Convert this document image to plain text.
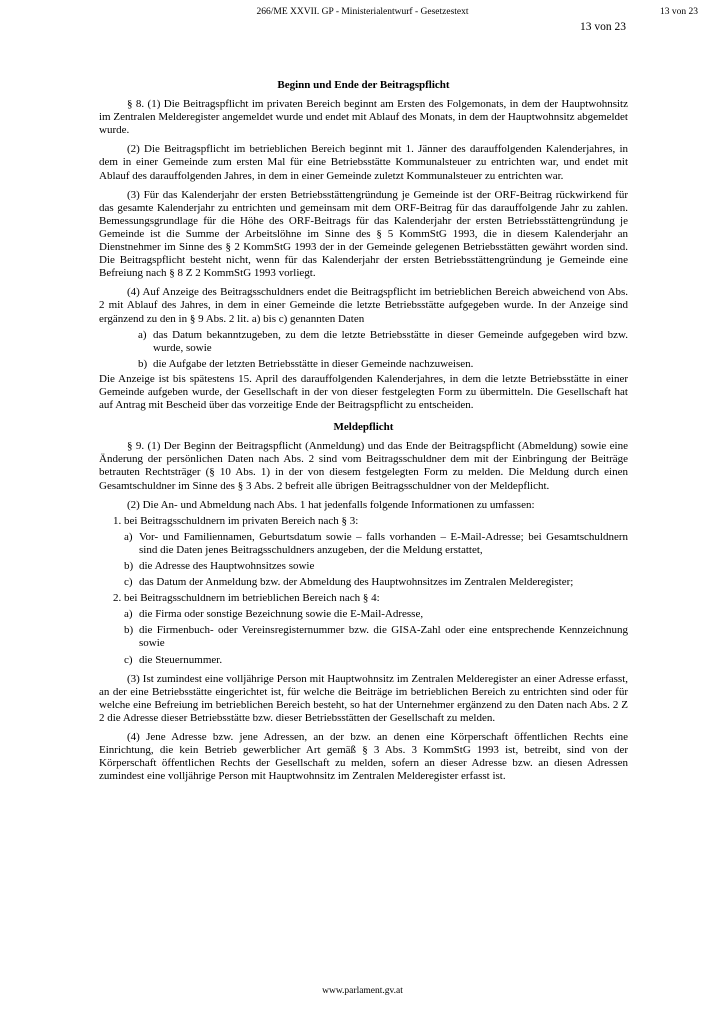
266/ME XXVII. GP - Ministerialentwurf - Gesetzestext	13 von 23
13 von 23
Beginn und Ende der Beitragspflicht

§ 8. (1) Die Beitragspflicht im privaten Bereich beginnt am Ersten des Folgemonats, in dem der Hauptwohnsitz im Zentralen Melderegister angemeldet wurde und endet mit Ablauf des Monats, in dem der Hauptwohnsitz abgemeldet wurde.

(2) Die Beitragspflicht im betrieblichen Bereich beginnt mit 1. Jänner des darauffolgenden Kalenderjahres, in dem in einer Gemeinde zum ersten Mal für eine Betriebsstätte Kommunalsteuer zu entrichten war, und endet mit Ablauf des darauffolgenden Jahres, in dem in einer Gemeinde zuletzt Kommunalsteuer zu entrichten war.

(3) Für das Kalenderjahr der ersten Betriebsstättengründung je Gemeinde ist der ORF-Beitrag rückwirkend für das gesamte Kalenderjahr zu entrichten und gemeinsam mit dem ORF-Beitrag für das darauffolgende Jahr zu zahlen. Bemessungsgrundlage für die Höhe des ORF-Beitrags für das Kalenderjahr der ersten Betriebsstättengründung je Gemeinde ist die Summe der Arbeitslöhne im Sinne des § 5 KommStG 1993, die in diesem Kalenderjahr an Dienstnehmer im Sinne des § 2 KommStG 1993 der in der Gemeinde gelegenen Betriebsstätten gewährt worden sind. Die Beitragspflicht besteht nicht, wenn für das Kalenderjahr der ersten Betriebsstättengründung je Gemeinde eine Befreiung nach § 8 Z 2 KommStG 1993 vorliegt.

(4) Auf Anzeige des Beitragsschuldners endet die Beitragspflicht im betrieblichen Bereich abweichend von Abs. 2 mit Ablauf des Jahres, in dem in einer Gemeinde die letzte Betriebsstätte aufgegeben wurde. In der Anzeige sind ergänzend zu den in § 9 Abs. 2 lit. a) bis c) genannten Daten

a) das Datum bekanntzugeben, zu dem die letzte Betriebsstätte in dieser Gemeinde aufgegeben wird bzw. wurde, sowie
b) die Aufgabe der letzten Betriebsstätte in dieser Gemeinde nachzuweisen.

Die Anzeige ist bis spätestens 15. April des darauffolgenden Kalenderjahres, in dem die letzte Betriebsstätte in einer Gemeinde aufgeben wurde, der Gesellschaft in der von dieser festgelegten Form zu übermitteln. Die Gesellschaft hat auf Antrag mit Bescheid über das vorzeitige Ende der Beitragspflicht zu entscheiden.

Meldepflicht

§ 9. (1) Der Beginn der Beitragspflicht (Anmeldung) und das Ende der Beitragspflicht (Abmeldung) sowie eine Änderung der persönlichen Daten nach Abs. 2 sind vom Beitragsschuldner dem mit der Einbringung der Beiträge betrauten Rechtsträger (§ 10 Abs. 1) in der von diesem festgelegten Form zu melden. Die Meldung durch einen Gesamtschuldner im Sinne des § 3 Abs. 2 befreit alle übrigen Beitragsschuldner von der Meldepflicht.

(2) Die An- und Abmeldung nach Abs. 1 hat jedenfalls folgende Informationen zu umfassen:

1. bei Beitragsschuldnern im privaten Bereich nach § 3:
a) Vor- und Familiennamen, Geburtsdatum sowie – falls vorhanden – E-Mail-Adresse; bei Gesamtschuldnern sind die Daten jenes Beitragsschuldners anzugeben, der die Meldung erstattet,
b) die Adresse des Hauptwohnsitzes sowie
c) das Datum der Anmeldung bzw. der Abmeldung des Hauptwohnsitzes im Zentralen Melderegister;
2. bei Beitragsschuldnern im betrieblichen Bereich nach § 4:
a) die Firma oder sonstige Bezeichnung sowie die E-Mail-Adresse,
b) die Firmenbuch- oder Vereinsregisternummer bzw. die GISA-Zahl oder eine entsprechende Kennzeichnung sowie
c) die Steuernummer.

(3) Ist zumindest eine volljährige Person mit Hauptwohnsitz im Zentralen Melderegister an einer Adresse erfasst, an der eine Betriebsstätte eingerichtet ist, für welche die Beiträge im betrieblichen Bereich zu entrichten sind oder für welche eine Befreiung im betrieblichen Bereich besteht, so hat der Unternehmer ergänzend zu den Daten nach Abs. 2 Z 2 die Adresse dieser Betriebsstätte bzw. dieser Betriebsstätten der Gesellschaft zu melden.

(4) Jene Adresse bzw. jene Adressen, an der bzw. an denen eine Körperschaft öffentlichen Rechts eine Einrichtung, die kein Betrieb gewerblicher Art gemäß § 3 Abs. 3 KommStG 1993 ist, betreibt, sind von der Körperschaft öffentlichen Rechts der Gesellschaft zu melden, sofern an dieser Adresse bzw. an diesen Adressen zumindest eine volljährige Person mit Hauptwohnsitz im Zentralen Melderegister erfasst ist.

www.parlament.gv.at
